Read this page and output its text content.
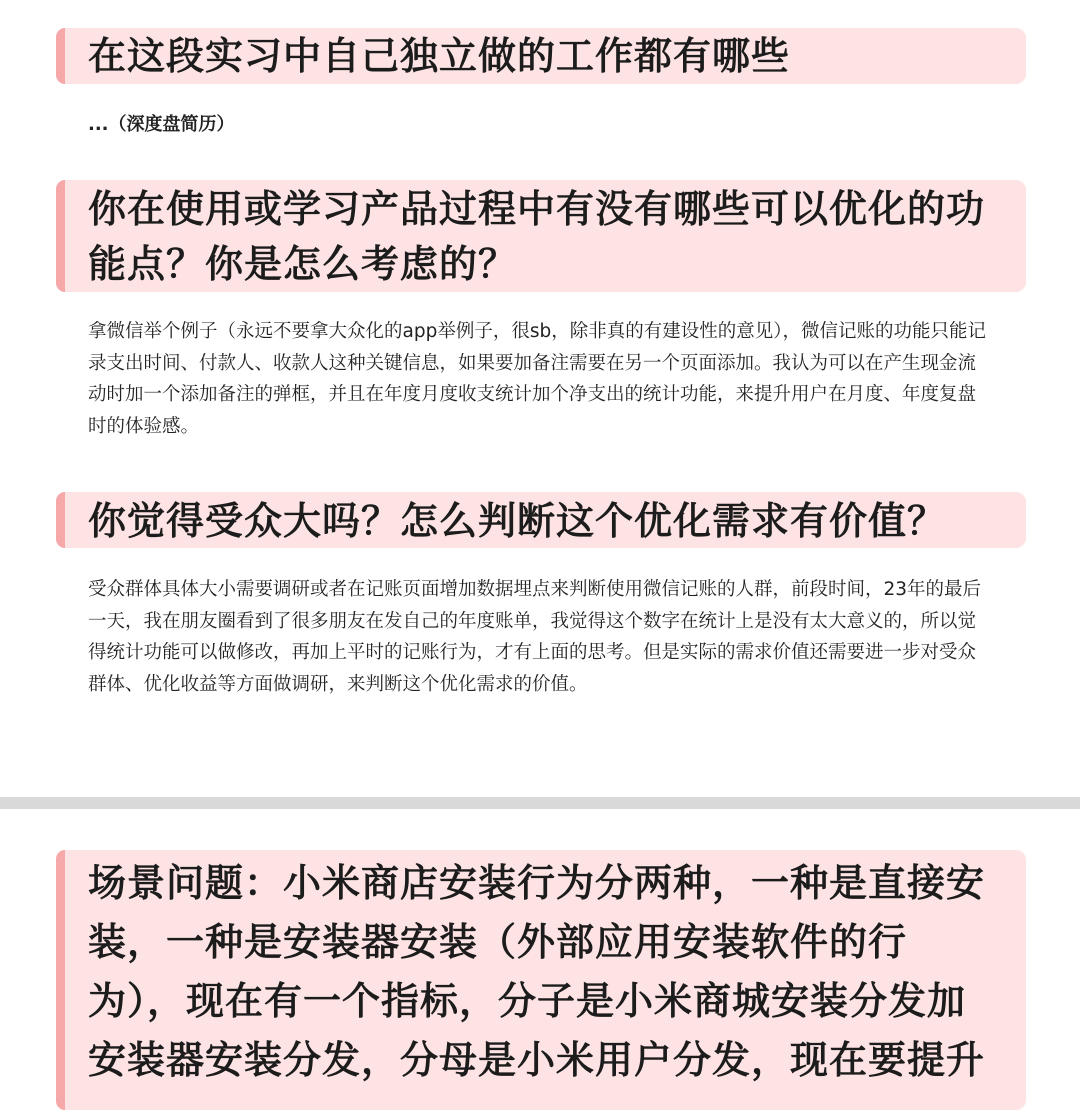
在这段实习中自己独立做的工作都有哪些

...（深度盘简历）

你在使用或学习产品过程中有没有哪些可以优化的功
能点？你是怎么考虑的？

拿微信举个例子（永远不要拿大众化的app举例子，很sb，除非真的有建设性的意见），微信记账的功能只能记录支出时间、付款人、收款人这种关键信息，如果要加备注需要在另一个页面添加。我认为可以在产生现金流动时加一个添加备注的弹框，并且在年度月度收支统计加个净支出的统计功能，来提升用户在月度、年度复盘时的体验感。

你觉得受众大吗？怎么判断这个优化需求有价值？

受众群体具体大小需要调研或者在记账页面增加数据埋点来判断使用微信记账的人群，前段时间，23年的最后一天，我在朋友圈看到了很多朋友在发自己的年度账单，我觉得这个数字在统计上是没有太大意义的，所以觉得统计功能可以做修改，再加上平时的记账行为，才有上面的思考。但是实际的需求价值还需要进一步对受众群体、优化收益等方面做调研，来判断这个优化需求的价值。

场景问题：小米商店安装行为分两种，一种是直接安
装，一种是安装器安装（外部应用安装软件的行
为），现在有一个指标，分子是小米商城安装分发加
安装器安装分发，分母是小米用户分发，现在要提升
